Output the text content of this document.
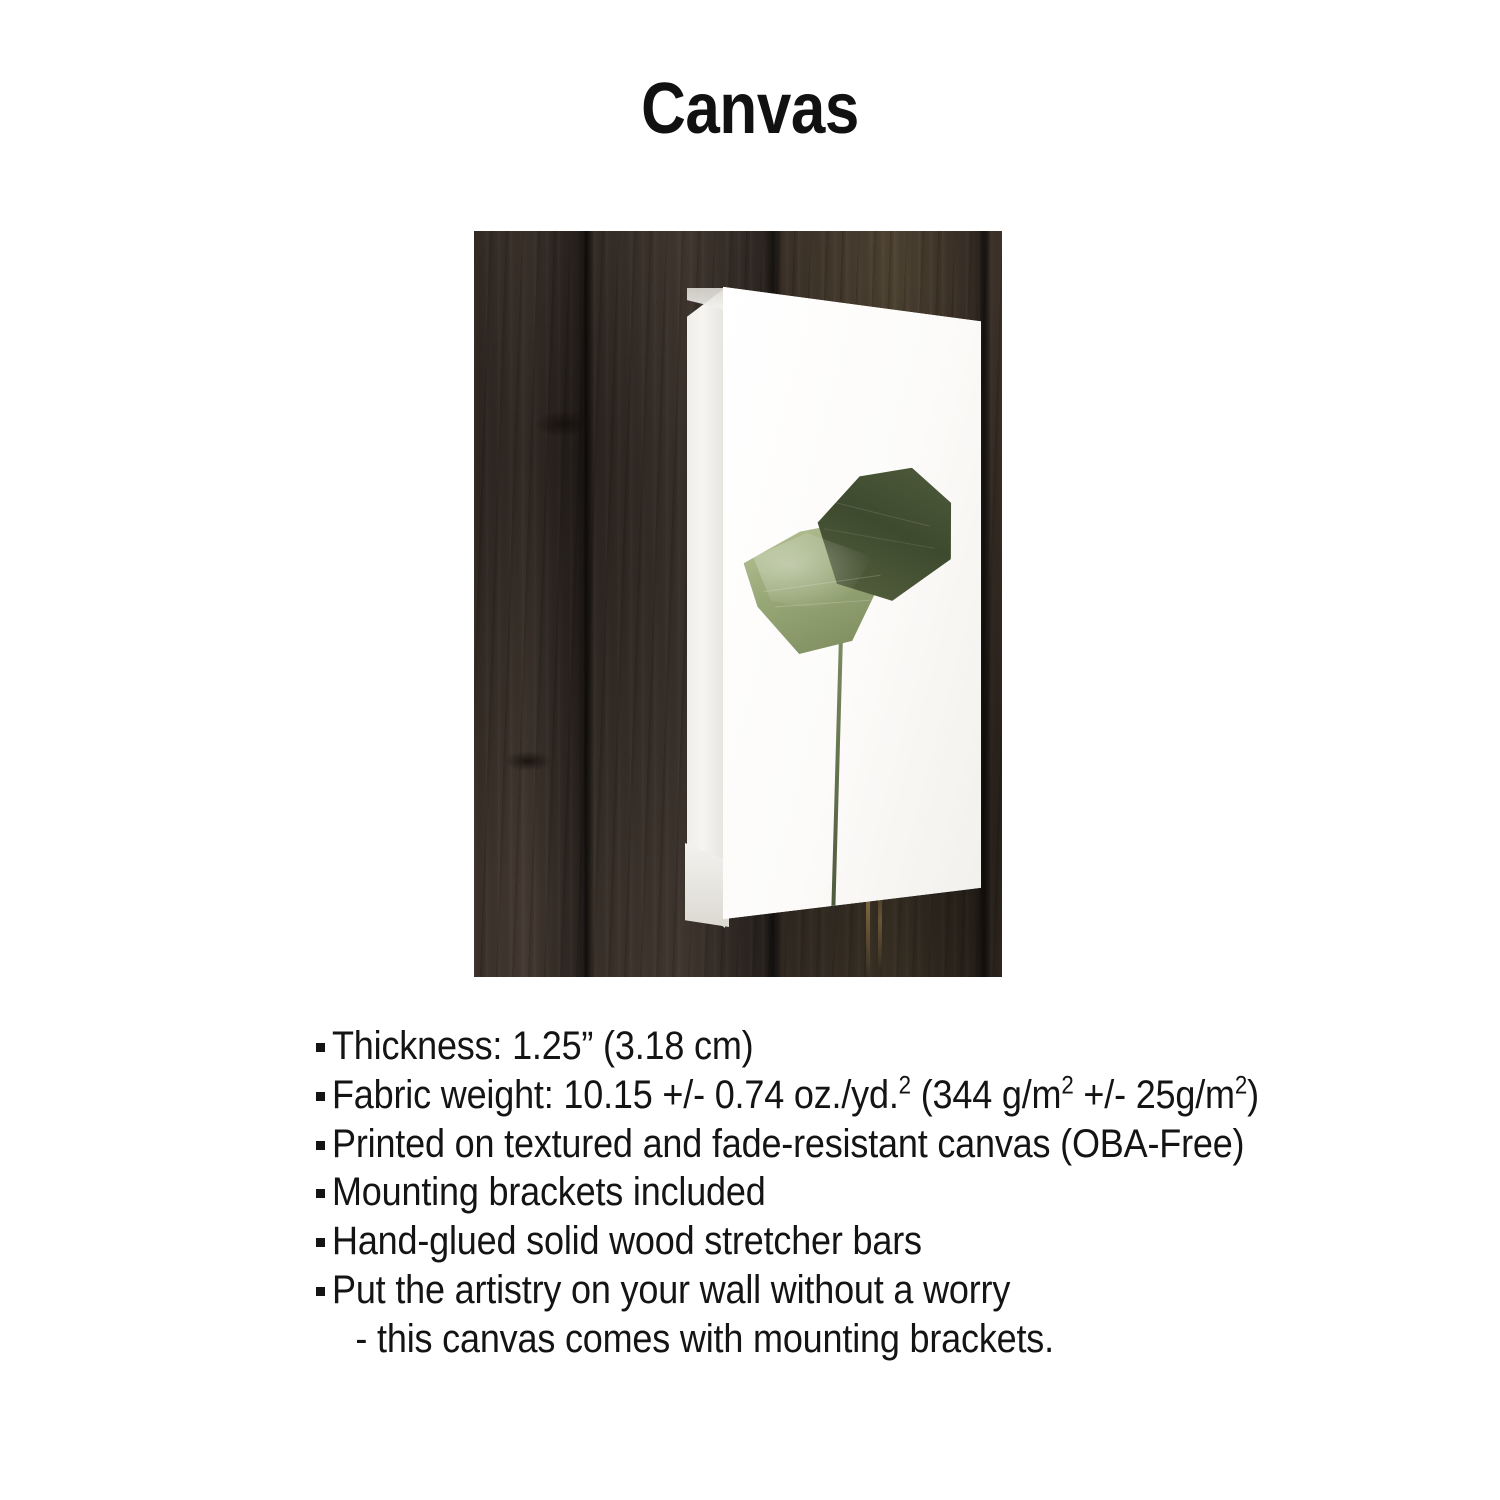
Canvas
Thickness: 1.25” (3.18 cm)
Fabric weight: 10.15 +/- 0.74 oz./yd.$^2$ (344 $g/m^2$ +/- $25g/m^2$)
Printed on textured and fade-resistant canvas (OBA-Free)
Mounting brackets included
Hand-glued solid wood stretcher bars
Put the artistry on your wall without a worry
- this canvas comes with mounting brackets.
